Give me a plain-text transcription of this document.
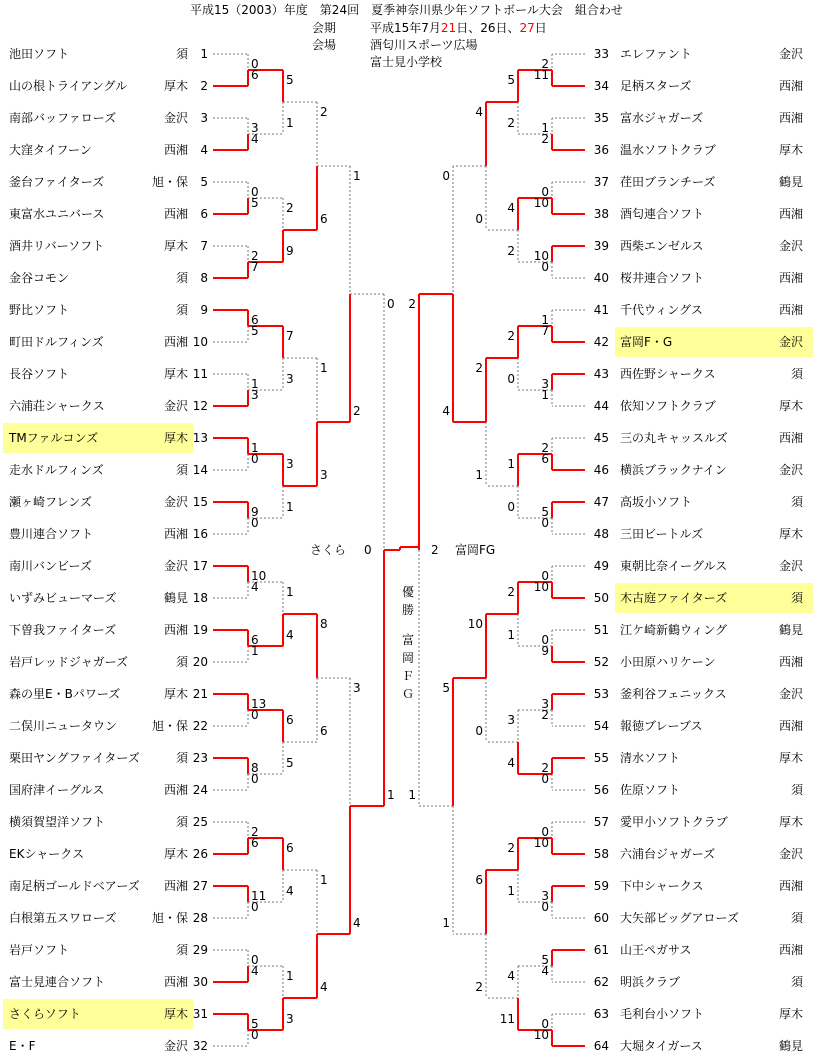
池田ソフト	須 1
山の根トライアングル	厚木 2
南部バッファローズ	金沢 3
大窪タイフーン	西湘 4
釜台ファイターズ	旭・保 5
東富水ユニバース	西湘 6
酒井リバーソフト	厚木 7
金谷コモン	須 8
野比ソフト	須 9
町田ドルフィンズ	西湘 10
長谷ソフト	厚木 11
六浦荘シャークス	金沢 12
TMファルコンズ	厚木 13
走水ドルフィンズ	須 14
瀬ヶ崎フレンズ	金沢 15
豊川連合ソフト	西湘 16
南川バンビーズ	金沢 17
いずみビューマーズ	鶴見 18
下曽我ファイターズ	西湘 19
岩戸レッドジャガーズ	須 20
森の里E・Bパワーズ	厚木 21
二俣川ニュータウン	旭・保 22
栗田ヤングファイターズ	須 23
国府津イーグルス	西湘 24
横須賀望洋ソフト	須 25
EKシャークス	厚木 26
南足柄ゴールドベアーズ 西湘 27
白根第五スワローズ	旭・保 28
岩戸ソフト	須 29
富士見連合ソフト	西湘 30
さくらソフト	厚木 31
E・F	金沢 32
33 エレファント	金沢
34 足柄スターズ	西湘
35 富水ジャガーズ	西湘
36 温水ソフトクラブ	厚木
37 荏田ブランチーズ	鶴見
38 酒匂連合ソフト	西湘
39 西柴エンゼルス	金沢
40 桜井連合ソフト	西湘
41 千代ウィングス	西湘
42 富岡F・G	金沢
43 西佐野シャークス	須
44 依知ソフトクラブ	厚木
45 三の丸キャッスルズ	西湘
46 横浜ブラックナイン	金沢
47 高坂小ソフト	須
48 三田ビートルズ	厚木
49 東朝比奈イーグルス	金沢
50 木古庭ファイターズ	須
51 江ケ崎新鶴ウィング	鶴見
52 小田原ハリケーン	西湘
53 釜利谷フェニックス	金沢
54 報徳ブレーブス	西湘
55 清水ソフト	厚木
56 佐原ソフト	須
57 愛甲小ソフトクラブ	厚木
58 六浦台ジャガーズ	金沢
59 下中シャークス	西湘
60 大矢部ビッグアローズ	須
61 山王ペガサス	西湘
62 明浜クラブ	須
63 毛利台小ソフト	厚木
64 大堀タイガース	鶴見
0
6
3
4
0
5
2
7
6
5
1
3
1
0
9
0
10
4
6
1
13
0
8
0
2
6
11
0
0
4
5
0
5
1
2
9
7
3
3
1
1
4
6
5
6
4
1
3
2
6
1
3
8
6
1
4
1
2
3
4
0
1
2
11
1
2
0
10
10
0
1
7
3
1
2
6
5
0
0
10
0
9
3
2
2
0
0
10
3
0
5
4
0
10
5
2
4
2
2
0
1
0
2
1
3
4
2
1
4
11
4
0
2
1
10
0
6
2
0
4
5
1
2
1
さくら 0	2 富岡FG
優
勝
富
岡
Ｆ
Ｇ
平成15（2003）年度　第24回　夏季神奈川県少年ソフトボール大会　組合わせ
会期	平成15年7月21日、26日、27日
会場	酒匂川スポーツ広場
富士見小学校
